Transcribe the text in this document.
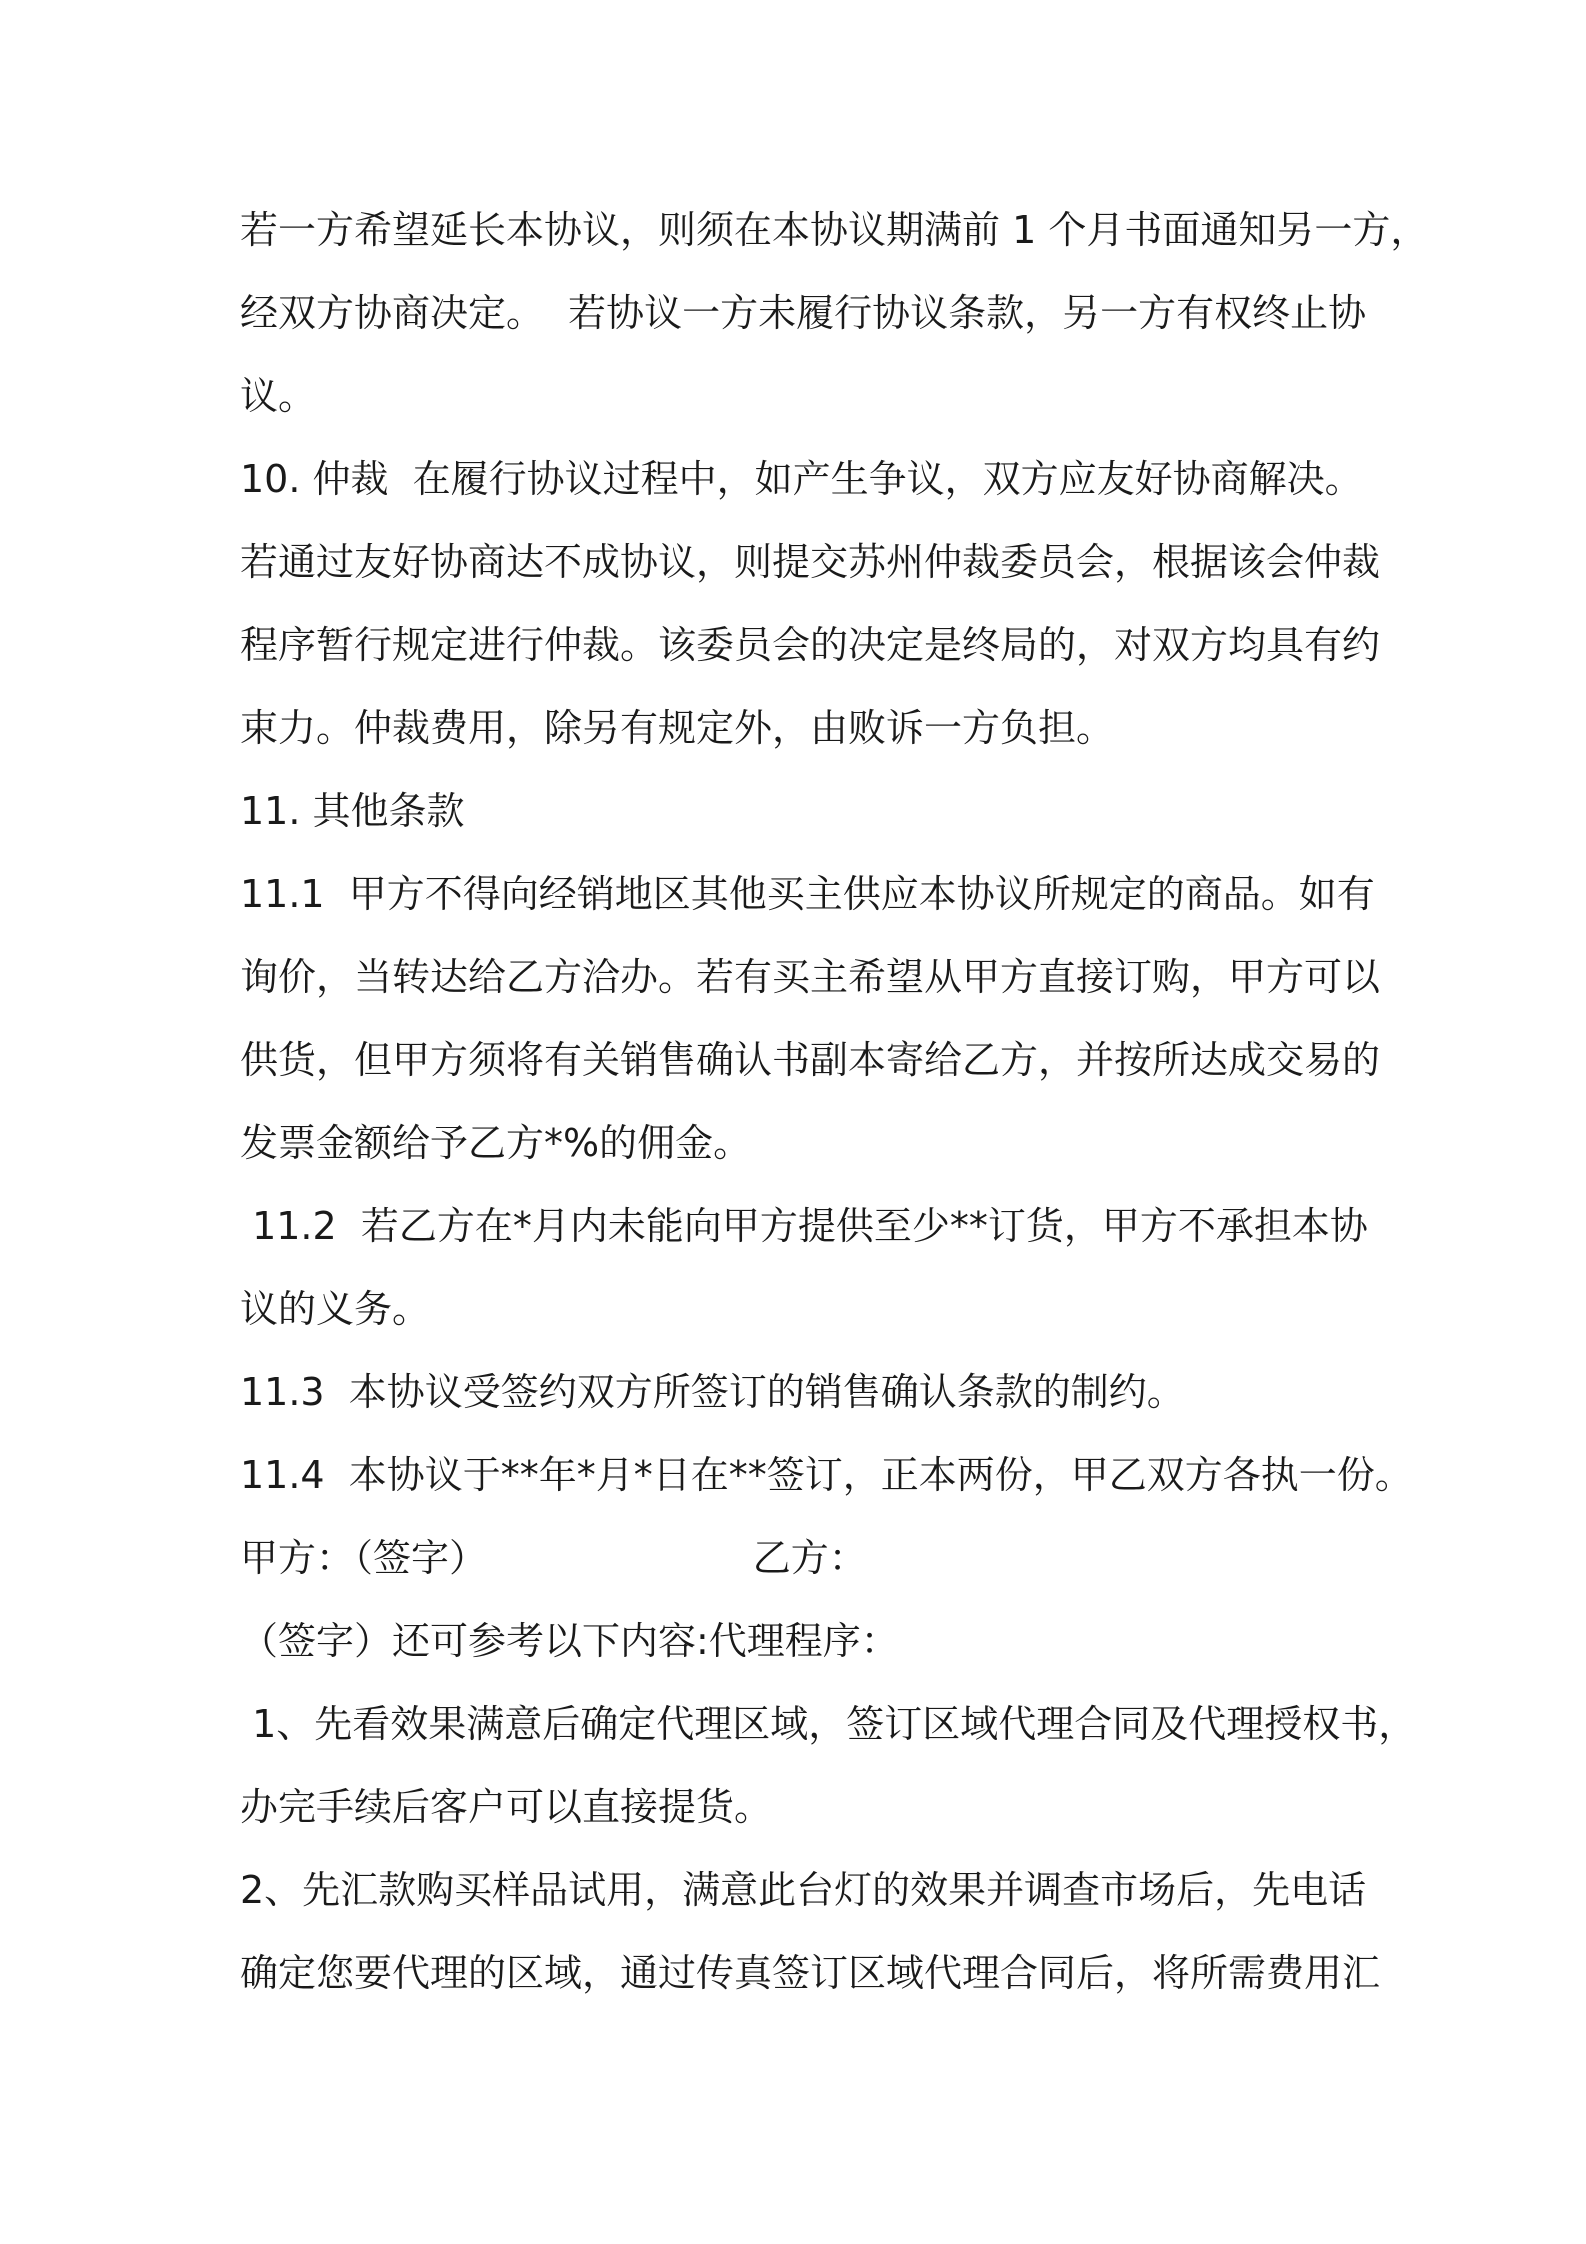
若一方希望延长本协议，则须在本协议期满前 1 个月书面通知另一方，
经双方协商决定。  若协议一方未履行协议条款，另一方有权终止协
议。
10. 仲裁  在履行协议过程中，如产生争议，双方应友好协商解决。
若通过友好协商达不成协议，则提交苏州仲裁委员会，根据该会仲裁
程序暂行规定进行仲裁。该委员会的决定是终局的，对双方均具有约
束力。仲裁费用，除另有规定外，由败诉一方负担。
11. 其他条款
11.1  甲方不得向经销地区其他买主供应本协议所规定的商品。如有
询价，当转达给乙方洽办。若有买主希望从甲方直接订购，甲方可以
供货，但甲方须将有关销售确认书副本寄给乙方，并按所达成交易的
发票金额给予乙方*%的佣金。
11.2  若乙方在*月内未能向甲方提供至少**订货，甲方不承担本协
议的义务。
11.3  本协议受签约双方所签订的销售确认条款的制约。
11.4  本协议于**年*月*日在**签订，正本两份，甲乙双方各执一份。
甲方：（签字）                      乙方：
（签字）还可参考以下内容:代理程序：
1、先看效果满意后确定代理区域，签订区域代理合同及代理授权书，
办完手续后客户可以直接提货。
2、先汇款购买样品试用，满意此台灯的效果并调查市场后，先电话
确定您要代理的区域，通过传真签订区域代理合同后，将所需费用汇
